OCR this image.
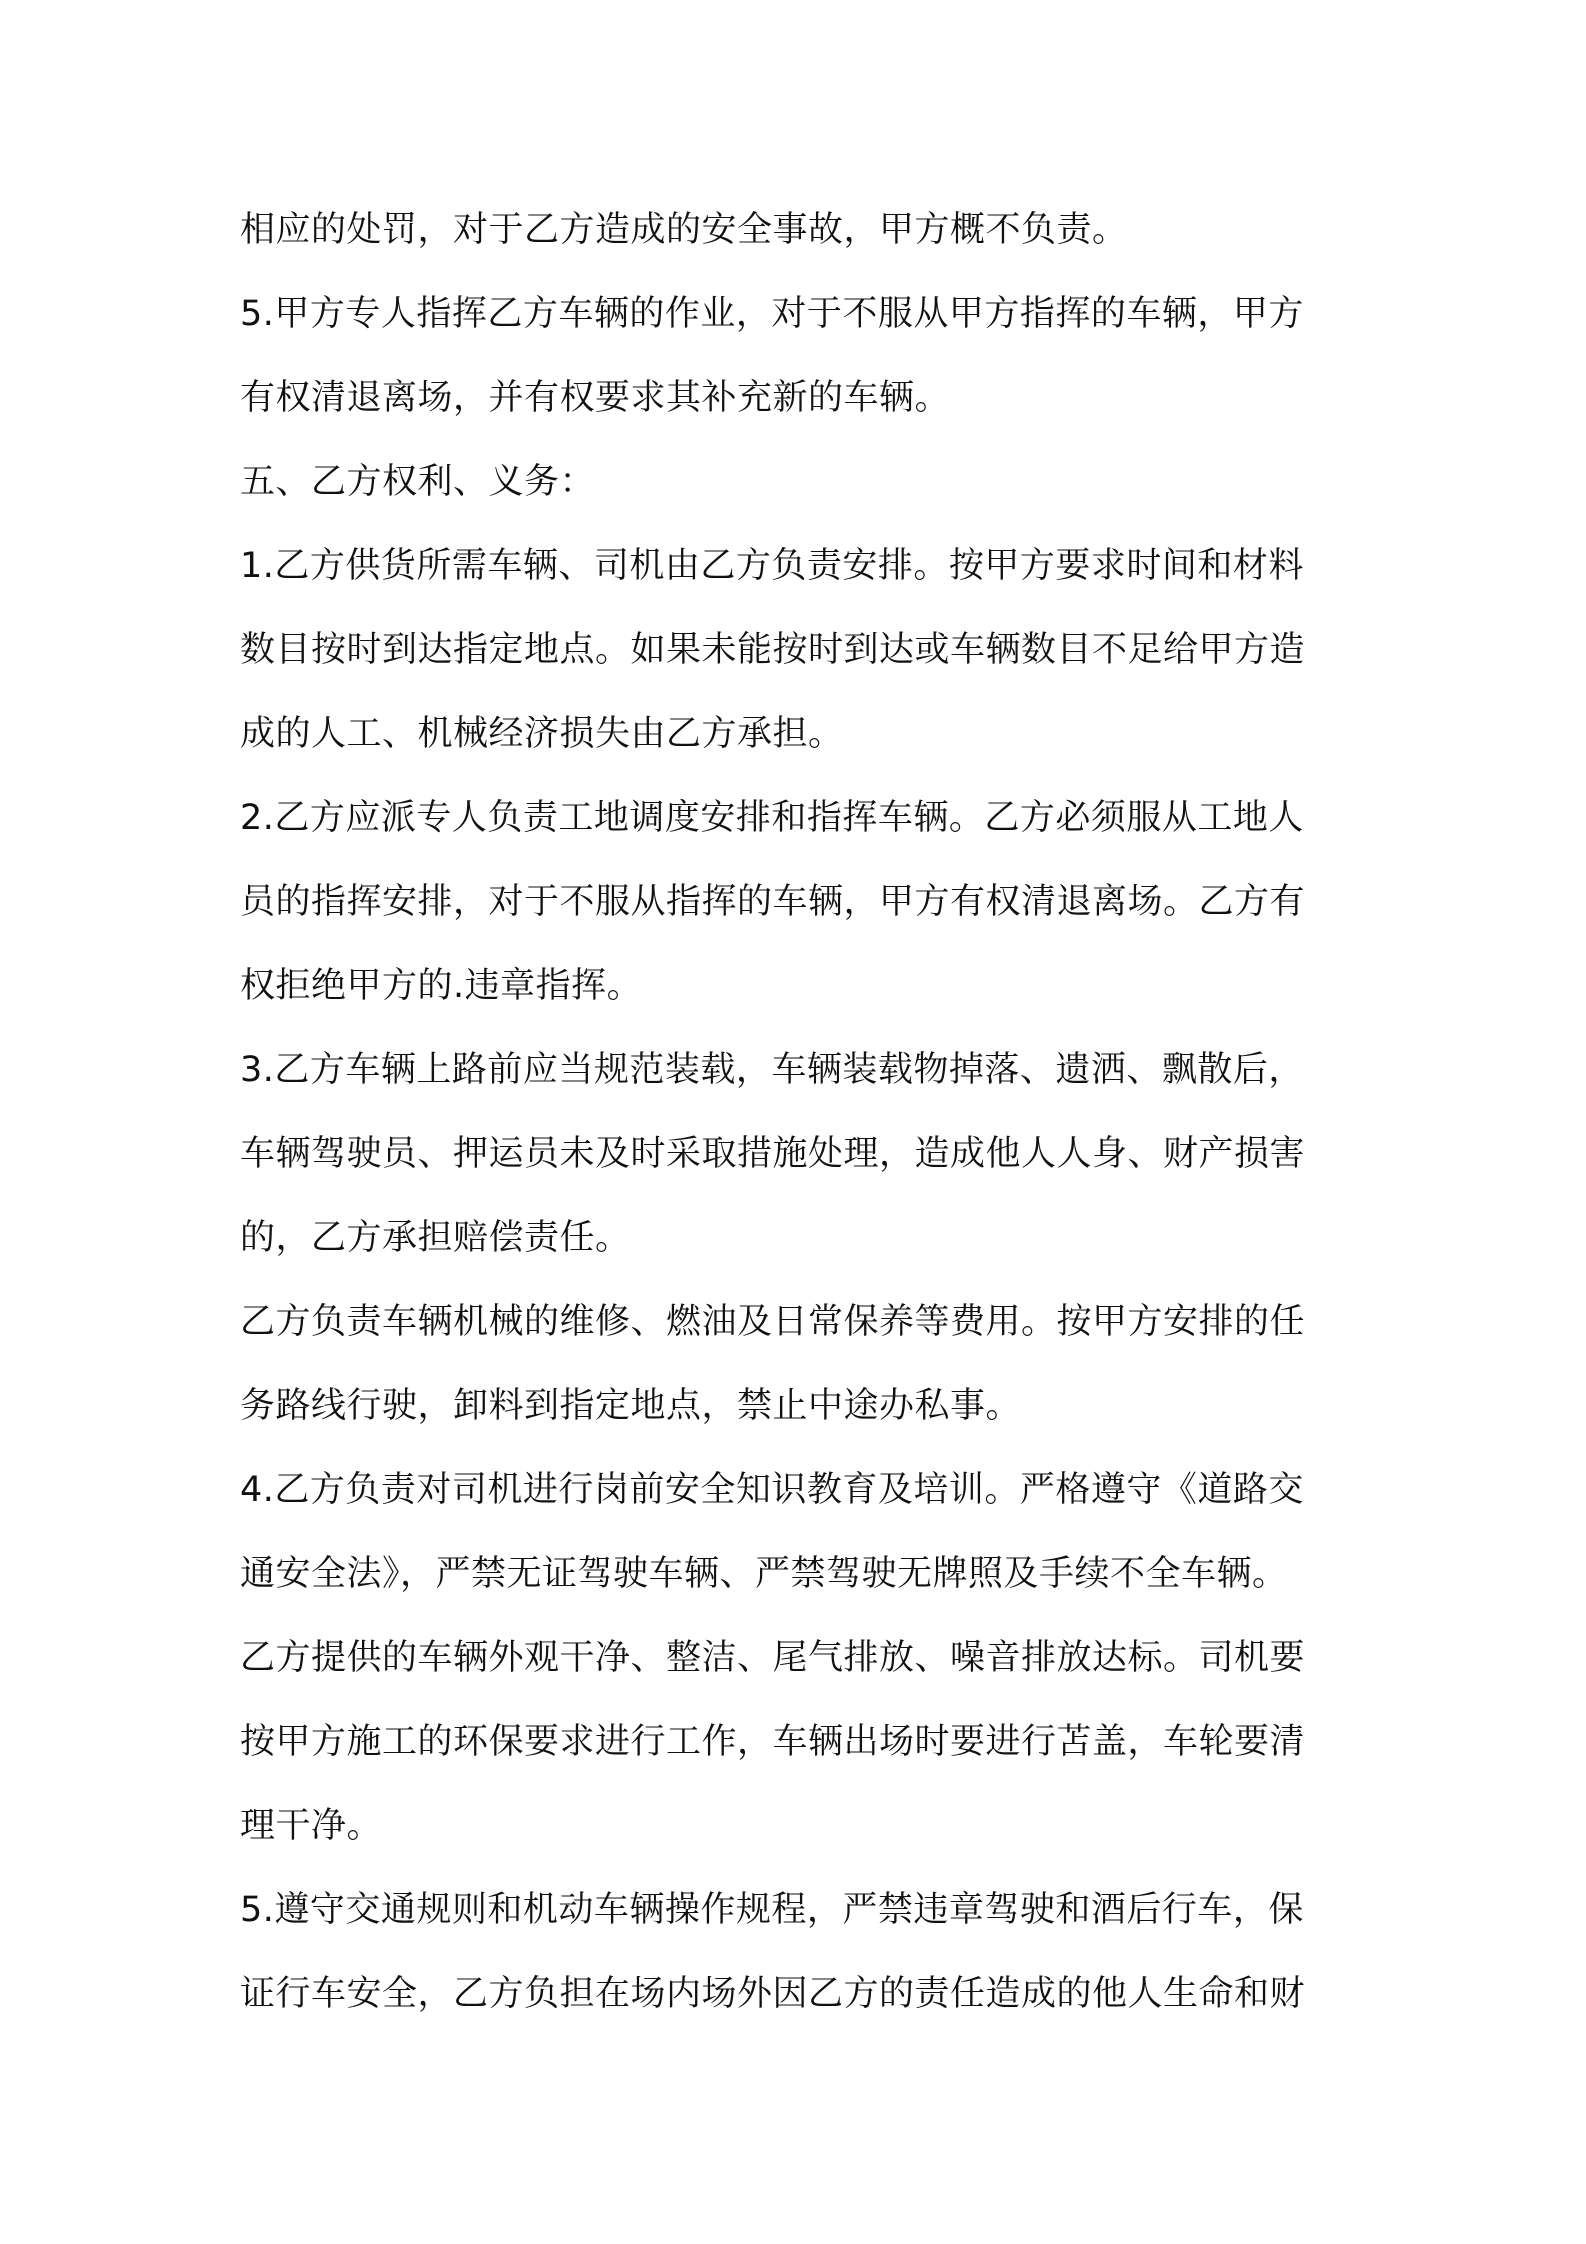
相应的处罚，对于乙方造成的安全事故，甲方概不负责。
5.甲方专人指挥乙方车辆的作业，对于不服从甲方指挥的车辆，甲方
有权清退离场，并有权要求其补充新的车辆。
五、乙方权利、义务：
1.乙方供货所需车辆、司机由乙方负责安排。按甲方要求时间和材料
数目按时到达指定地点。如果未能按时到达或车辆数目不足给甲方造
成的人工、机械经济损失由乙方承担。
2.乙方应派专人负责工地调度安排和指挥车辆。乙方必须服从工地人
员的指挥安排，对于不服从指挥的车辆，甲方有权清退离场。乙方有
权拒绝甲方的.违章指挥。
3.乙方车辆上路前应当规范装载，车辆装载物掉落、遗洒、飘散后，
车辆驾驶员、押运员未及时采取措施处理，造成他人人身、财产损害
的，乙方承担赔偿责任。
乙方负责车辆机械的维修、燃油及日常保养等费用。按甲方安排的任
务路线行驶，卸料到指定地点，禁止中途办私事。
4.乙方负责对司机进行岗前安全知识教育及培训。严格遵守《道路交
通安全法》，严禁无证驾驶车辆、严禁驾驶无牌照及手续不全车辆。
乙方提供的车辆外观干净、整洁、尾气排放、噪音排放达标。司机要
按甲方施工的环保要求进行工作，车辆出场时要进行苫盖，车轮要清
理干净。
5.遵守交通规则和机动车辆操作规程，严禁违章驾驶和酒后行车，保
证行车安全，乙方负担在场内场外因乙方的责任造成的他人生命和财
